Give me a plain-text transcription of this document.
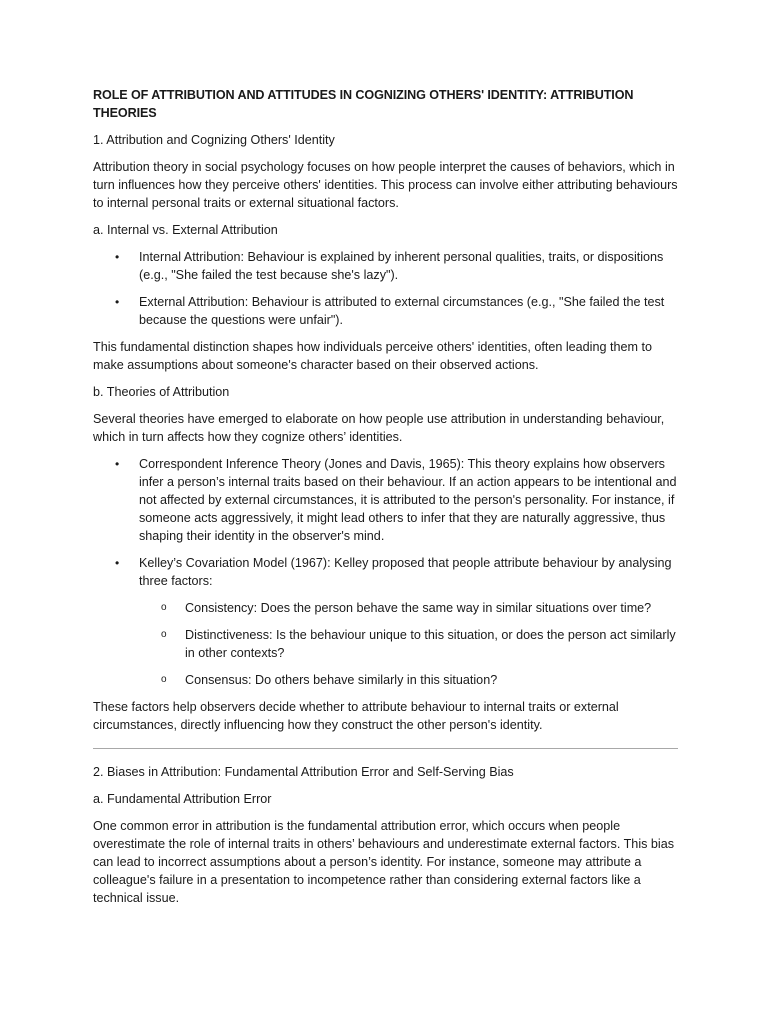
ROLE OF ATTRIBUTION AND ATTITUDES IN COGNIZING OTHERS' IDENTITY: ATTRIBUTION THEORIES

1. Attribution and Cognizing Others' Identity

Attribution theory in social psychology focuses on how people interpret the causes of behaviors, which in turn influences how they perceive others' identities. This process can involve either attributing behaviours to internal personal traits or external situational factors.

a. Internal vs. External Attribution

• Internal Attribution: Behaviour is explained by inherent personal qualities, traits, or dispositions (e.g., "She failed the test because she's lazy").
• External Attribution: Behaviour is attributed to external circumstances (e.g., "She failed the test because the questions were unfair").

This fundamental distinction shapes how individuals perceive others' identities, often leading them to make assumptions about someone's character based on their observed actions.

b. Theories of Attribution

Several theories have emerged to elaborate on how people use attribution in understanding behaviour, which in turn affects how they cognize others’ identities.

• Correspondent Inference Theory (Jones and Davis, 1965): This theory explains how observers infer a person’s internal traits based on their behaviour. If an action appears to be intentional and not affected by external circumstances, it is attributed to the person's personality. For instance, if someone acts aggressively, it might lead others to infer that they are naturally aggressive, thus shaping their identity in the observer's mind.
• Kelley’s Covariation Model (1967): Kelley proposed that people attribute behaviour by analysing three factors:
o Consistency: Does the person behave the same way in similar situations over time?
o Distinctiveness: Is the behaviour unique to this situation, or does the person act similarly in other contexts?
o Consensus: Do others behave similarly in this situation?

These factors help observers decide whether to attribute behaviour to internal traits or external circumstances, directly influencing how they construct the other person's identity.

2. Biases in Attribution: Fundamental Attribution Error and Self-Serving Bias

a. Fundamental Attribution Error

One common error in attribution is the fundamental attribution error, which occurs when people overestimate the role of internal traits in others’ behaviours and underestimate external factors. This bias can lead to incorrect assumptions about a person’s identity. For instance, someone may attribute a colleague's failure in a presentation to incompetence rather than considering external factors like a technical issue.
